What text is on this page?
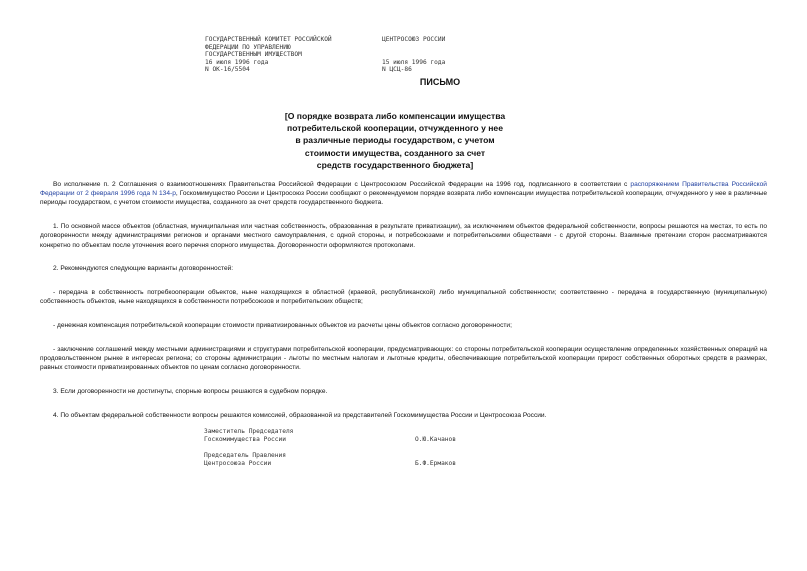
ГОСУДАРСТВЕННЫЙ КОМИТЕТ РОССИЙСКОЙ
ФЕДЕРАЦИИ ПО УПРАВЛЕНИЮ
ГОСУДАРСТВЕННЫМ ИМУЩЕСТВОМ
16 июля 1996 года
N ОК-16/5504
ЦЕНТРОСОЮЗ РОССИИ

15 июля 1996 года
N ЦСЦ-86
ПИСЬМО
[О порядке возврата либо компенсации имущества
потребительской кооперации, отчужденного у нее
в различные периоды государством, с учетом
стоимости имущества, созданного за счет
средств государственного бюджета]

Во исполнение п. 2 Соглашения о взаимоотношениях Правительства Российской Федерации с Центросоюзом Российской Федерации на 1996 год, подписанного в соответствии с распоряжением Правительства Российской Федерации от 2 февраля 1996 года N 134-р, Госкомимущество России и Центросоюз России сообщают о рекомендуемом порядке возврата либо компенсации имущества потребительской кооперации, отчужденного у нее в различные периоды государством, с учетом стоимости имущества, созданного за счет средств государственного бюджета.

1. По основной массе объектов (областная, муниципальная или частная собственность, образованная в результате приватизации), за исключением объектов федеральной собственности, вопросы решаются на местах, то есть по договоренности между администрациями регионов и органами местного самоуправления, с одной стороны, и потребсоюзами и потребительскими обществами - с другой стороны. Взаимные претензии сторон рассматриваются конкретно по объектам после уточнения всего перечня спорного имущества. Договоренности оформляются протоколами.

2. Рекомендуются следующие варианты договоренностей:

- передача в собственность потребкооперации объектов, ныне находящихся в областной (краевой, республиканской) либо муниципальной собственности; соответственно - передача в государственную (муниципальную) собственность объектов, ныне находящихся в собственности потребсоюзов и потребительских обществ;

- денежная компенсация потребительской кооперации стоимости приватизированных объектов из расчеты цены объектов согласно договоренности;

- заключение соглашений между местными администрациями и структурами потребительской кооперации, предусматривающих: со стороны потребительской кооперации осуществление определенных хозяйственных операций на продовольственном рынке в интересах региона; со стороны администрации - льготы по местным налогам и льготные кредиты, обеспечивающие потребительской кооперации прирост собственных оборотных средств в размерах, равных стоимости приватизированных объектов по ценам согласно договоренности.

3. Если договоренности не достигнуты, спорные вопросы решаются в судебном порядке.

4. По объектам федеральной собственности вопросы решаются комиссией, образованной из представителей Госкомимущества России и Центросоюза России.

Заместитель Председателя
Госкомимущества России	О.Ю.Качанов
Председатель Правления
Центросоюза России	Б.Ф.Ермаков
